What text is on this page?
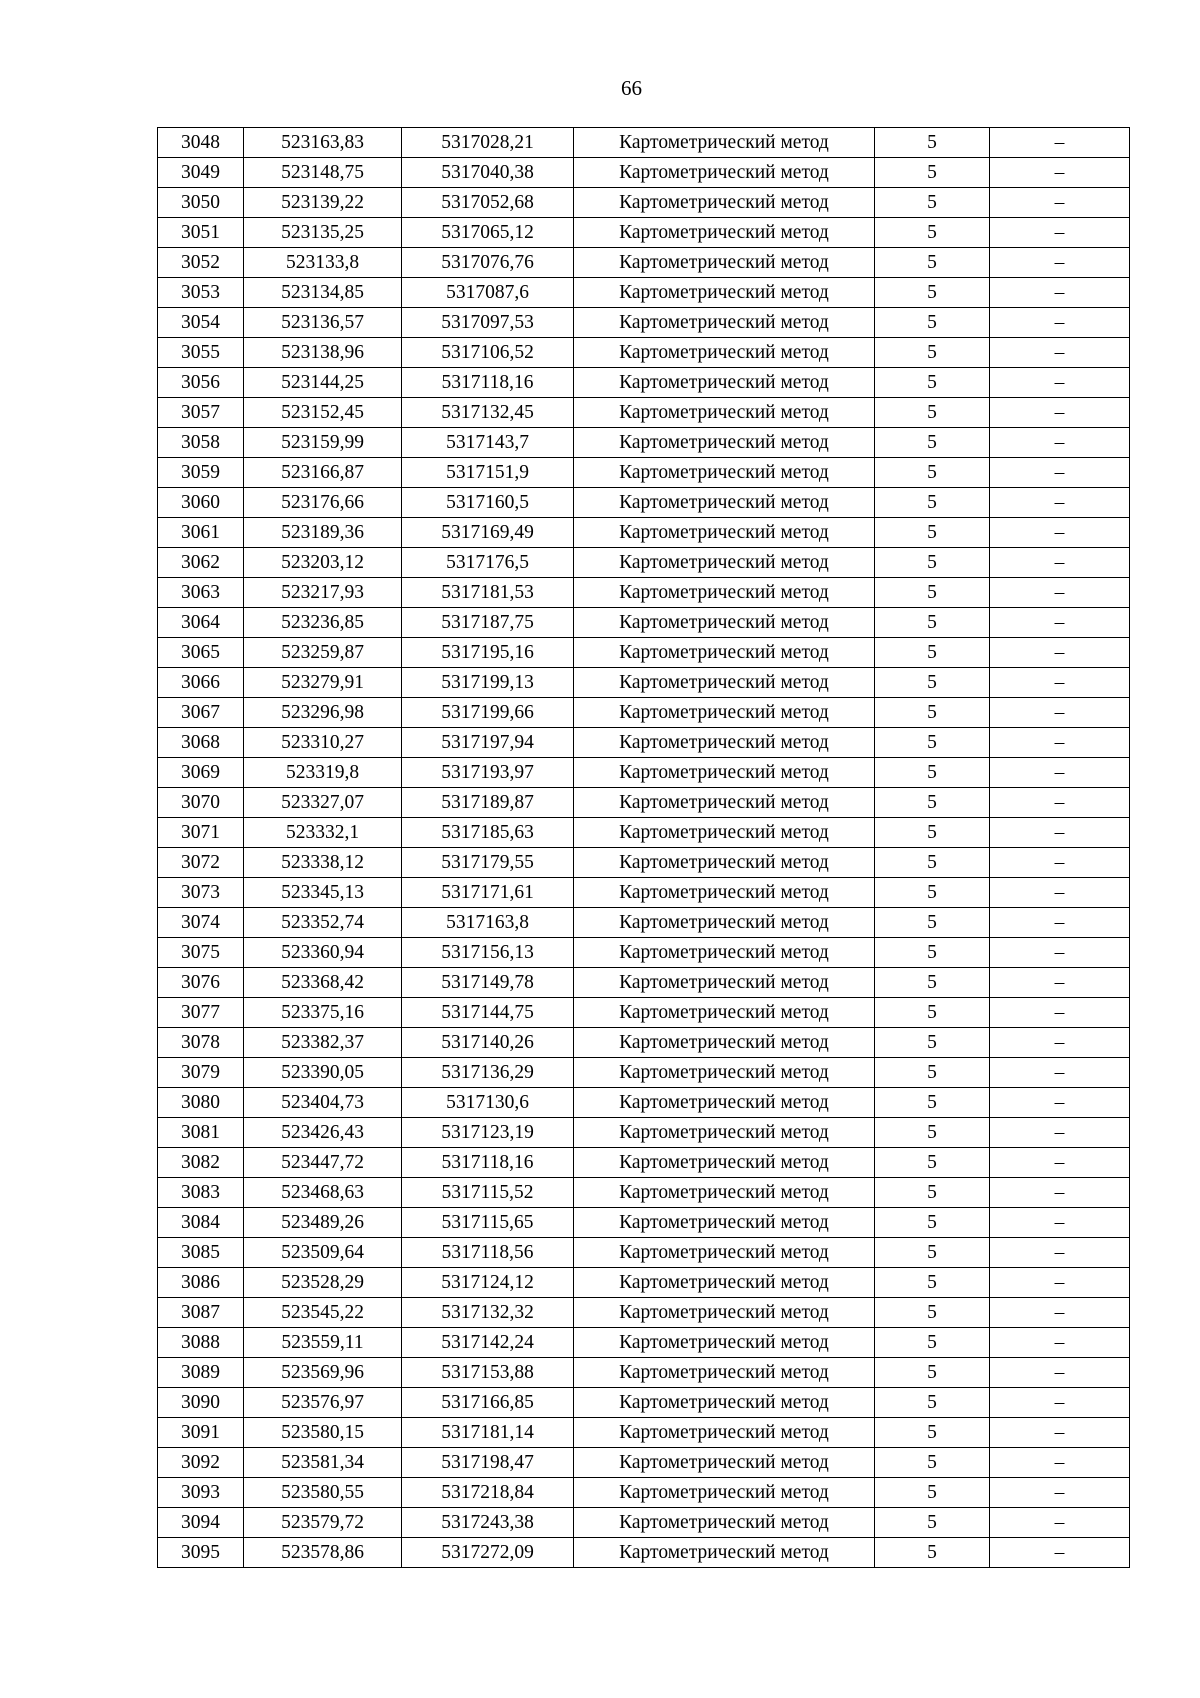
66
3048	523163,83	5317028,21	Картометрический метод	5	–
3049	523148,75	5317040,38	Картометрический метод	5	–
3050	523139,22	5317052,68	Картометрический метод	5	–
3051	523135,25	5317065,12	Картометрический метод	5	–
3052	523133,8	5317076,76	Картометрический метод	5	–
3053	523134,85	5317087,6	Картометрический метод	5	–
3054	523136,57	5317097,53	Картометрический метод	5	–
3055	523138,96	5317106,52	Картометрический метод	5	–
3056	523144,25	5317118,16	Картометрический метод	5	–
3057	523152,45	5317132,45	Картометрический метод	5	–
3058	523159,99	5317143,7	Картометрический метод	5	–
3059	523166,87	5317151,9	Картометрический метод	5	–
3060	523176,66	5317160,5	Картометрический метод	5	–
3061	523189,36	5317169,49	Картометрический метод	5	–
3062	523203,12	5317176,5	Картометрический метод	5	–
3063	523217,93	5317181,53	Картометрический метод	5	–
3064	523236,85	5317187,75	Картометрический метод	5	–
3065	523259,87	5317195,16	Картометрический метод	5	–
3066	523279,91	5317199,13	Картометрический метод	5	–
3067	523296,98	5317199,66	Картометрический метод	5	–
3068	523310,27	5317197,94	Картометрический метод	5	–
3069	523319,8	5317193,97	Картометрический метод	5	–
3070	523327,07	5317189,87	Картометрический метод	5	–
3071	523332,1	5317185,63	Картометрический метод	5	–
3072	523338,12	5317179,55	Картометрический метод	5	–
3073	523345,13	5317171,61	Картометрический метод	5	–
3074	523352,74	5317163,8	Картометрический метод	5	–
3075	523360,94	5317156,13	Картометрический метод	5	–
3076	523368,42	5317149,78	Картометрический метод	5	–
3077	523375,16	5317144,75	Картометрический метод	5	–
3078	523382,37	5317140,26	Картометрический метод	5	–
3079	523390,05	5317136,29	Картометрический метод	5	–
3080	523404,73	5317130,6	Картометрический метод	5	–
3081	523426,43	5317123,19	Картометрический метод	5	–
3082	523447,72	5317118,16	Картометрический метод	5	–
3083	523468,63	5317115,52	Картометрический метод	5	–
3084	523489,26	5317115,65	Картометрический метод	5	–
3085	523509,64	5317118,56	Картометрический метод	5	–
3086	523528,29	5317124,12	Картометрический метод	5	–
3087	523545,22	5317132,32	Картометрический метод	5	–
3088	523559,11	5317142,24	Картометрический метод	5	–
3089	523569,96	5317153,88	Картометрический метод	5	–
3090	523576,97	5317166,85	Картометрический метод	5	–
3091	523580,15	5317181,14	Картометрический метод	5	–
3092	523581,34	5317198,47	Картометрический метод	5	–
3093	523580,55	5317218,84	Картометрический метод	5	–
3094	523579,72	5317243,38	Картометрический метод	5	–
3095	523578,86	5317272,09	Картометрический метод	5	–
